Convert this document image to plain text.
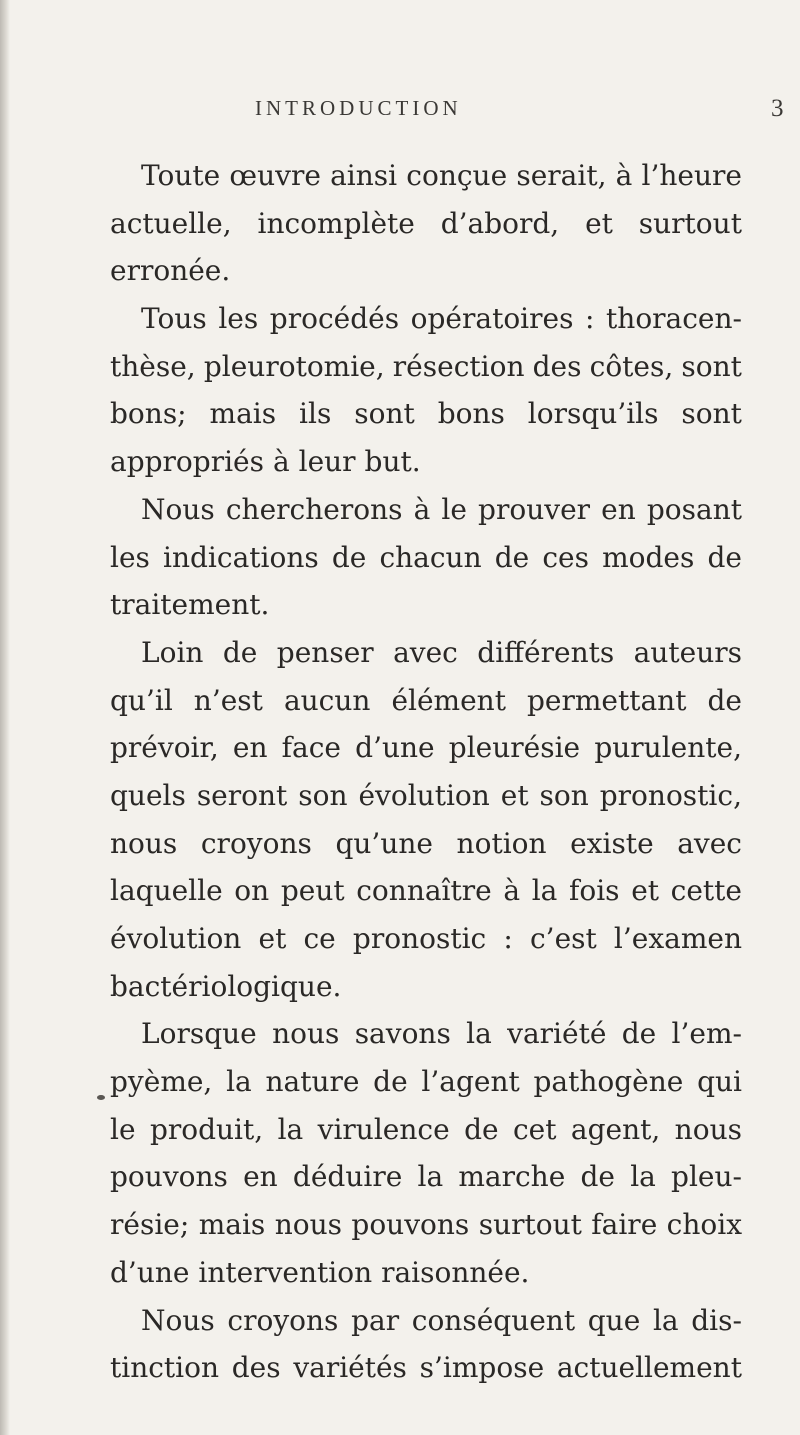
INTRODUCTION	3
Toute œuvre ainsi conçue serait, à l’heure
actuelle, incomplète d’abord, et surtout
erronée.
Tous les procédés opératoires : thoracen-
thèse, pleurotomie, résection des côtes, sont
bons; mais ils sont bons lorsqu’ils sont
appropriés à leur but.
Nous chercherons à le prouver en posant
les indications de chacun de ces modes de
traitement.
Loin de penser avec différents auteurs
qu’il n’est aucun élément permettant de
prévoir, en face d’une pleurésie purulente,
quels seront son évolution et son pronostic,
nous croyons qu’une notion existe avec
laquelle on peut connaître à la fois et cette
évolution et ce pronostic : c’est l’examen
bactériologique.
Lorsque nous savons la variété de l’em-
pyème, la nature de l’agent pathogène qui
le produit, la virulence de cet agent, nous
pouvons en déduire la marche de la pleu-
résie; mais nous pouvons surtout faire choix
d’une intervention raisonnée.
Nous croyons par conséquent que la dis-
tinction des variétés s’impose actuellement
